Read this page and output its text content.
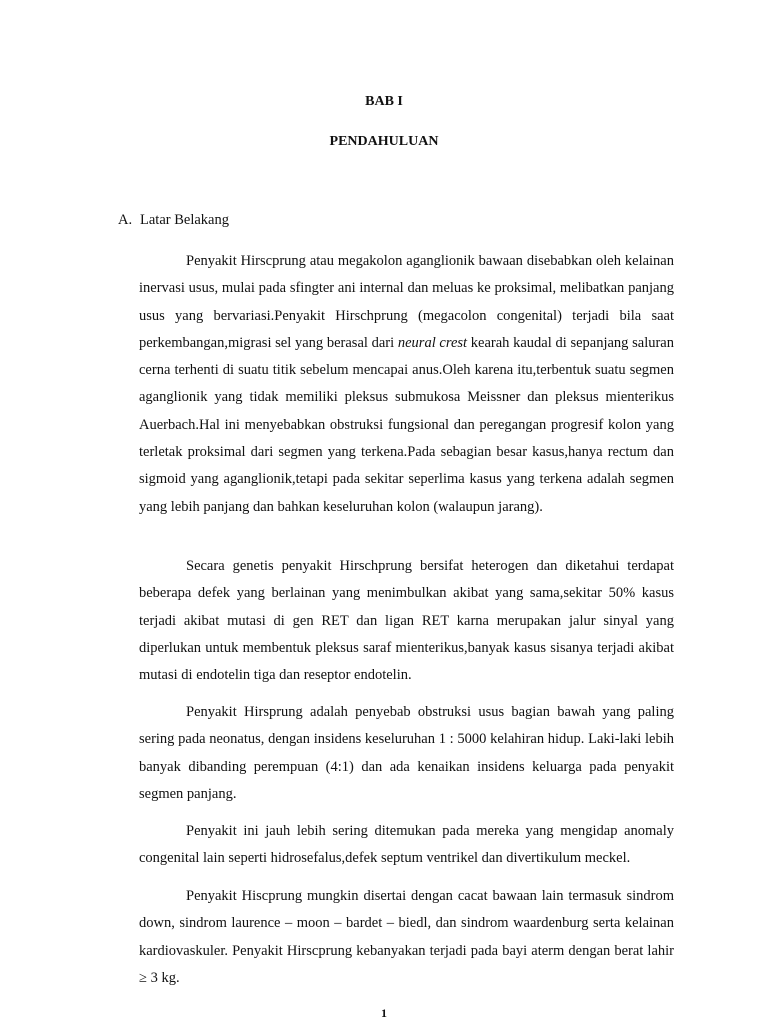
BAB I
PENDAHULUAN
A. Latar Belakang

Penyakit Hirscprung atau megakolon aganglionik bawaan disebabkan oleh kelainan inervasi usus, mulai pada sfingter ani internal dan meluas ke proksimal, melibatkan panjang usus yang bervariasi.Penyakit Hirschprung (megacolon congenital) terjadi bila saat perkembangan,migrasi sel yang berasal dari neural crest kearah kaudal di sepanjang saluran cerna terhenti di suatu titik sebelum mencapai anus.Oleh karena itu,terbentuk suatu segmen aganglionik yang tidak memiliki pleksus submukosa Meissner dan pleksus mienterikus Auerbach.Hal ini menyebabkan obstruksi fungsional dan peregangan progresif kolon yang terletak proksimal dari segmen yang terkena.Pada sebagian besar kasus,hanya rectum dan sigmoid yang aganglionik,tetapi pada sekitar seperlima kasus yang terkena adalah segmen yang lebih panjang dan bahkan keseluruhan kolon (walaupun jarang).

Secara genetis penyakit Hirschprung bersifat heterogen dan diketahui terdapat beberapa defek yang berlainan yang menimbulkan akibat yang sama,sekitar 50% kasus terjadi akibat mutasi di gen RET dan ligan RET karna merupakan jalur sinyal yang diperlukan untuk membentuk pleksus saraf mienterikus,banyak kasus sisanya terjadi akibat mutasi di endotelin tiga dan reseptor endotelin.

Penyakit Hirsprung adalah penyebab obstruksi usus bagian bawah yang paling sering pada neonatus, dengan insidens keseluruhan 1 : 5000 kelahiran hidup. Laki-laki lebih banyak dibanding perempuan (4:1) dan ada kenaikan insidens keluarga pada penyakit segmen panjang.

Penyakit ini jauh lebih sering ditemukan pada mereka yang mengidap anomaly congenital lain seperti hidrosefalus,defek septum ventrikel dan divertikulum meckel.

Penyakit Hiscprung mungkin disertai dengan cacat bawaan lain termasuk sindrom down, sindrom laurence – moon – bardet – biedl, dan sindrom waardenburg serta kelainan kardiovaskuler. Penyakit Hirscprung kebanyakan terjadi pada bayi aterm dengan berat lahir ≥ 3 kg.

1
